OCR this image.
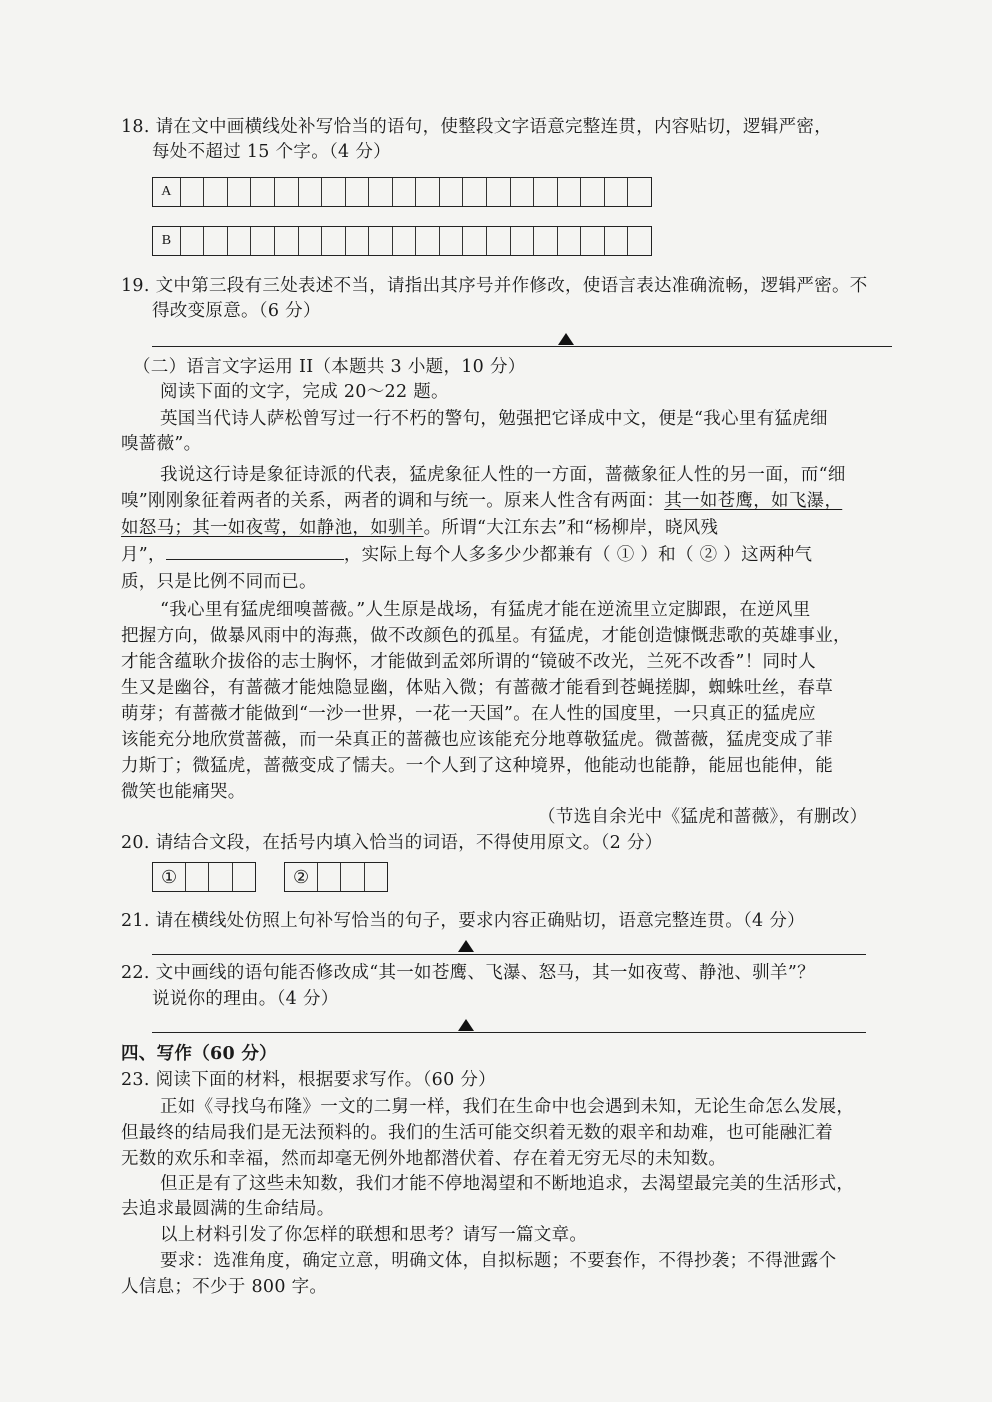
18. 请在文中画横线处补写恰当的语句，使整段文字语意完整连贯，内容贴切，逻辑严密，
每处不超过 15 个字。（4 分）
A
B
19. 文中第三段有三处表述不当，请指出其序号并作修改，使语言表达准确流畅，逻辑严密。不
得改变原意。（6 分）
（二）语言文字运用 II（本题共 3 小题，10 分）
阅读下面的文字，完成 20～22 题。
英国当代诗人萨松曾写过一行不朽的警句，勉强把它译成中文，便是“我心里有猛虎细
嗅蔷薇”。
我说这行诗是象征诗派的代表，猛虎象征人性的一方面，蔷薇象征人性的另一面，而“细
嗅”刚刚象征着两者的关系，两者的调和与统一。原来人性含有两面：其一如苍鹰，如飞瀑，
如怒马；其一如夜莺，如静池，如驯羊。所谓“大江东去”和“杨柳岸，晓风残
月”，	，实际上每个人多多少少都兼有（ ① ）和（ ② ）这两种气
质，只是比例不同而已。
“我心里有猛虎细嗅蔷薇。”人生原是战场，有猛虎才能在逆流里立定脚跟，在逆风里
把握方向，做暴风雨中的海燕，做不改颜色的孤星。有猛虎，才能创造慷慨悲歌的英雄事业，
才能含蕴耿介拔俗的志士胸怀，才能做到孟郊所谓的“镜破不改光，兰死不改香”！同时人
生又是幽谷，有蔷薇才能烛隐显幽，体贴入微；有蔷薇才能看到苍蝇搓脚，蜘蛛吐丝，春草
萌芽；有蔷薇才能做到“一沙一世界，一花一天国”。在人性的国度里，一只真正的猛虎应
该能充分地欣赏蔷薇，而一朵真正的蔷薇也应该能充分地尊敬猛虎。微蔷薇，猛虎变成了菲
力斯丁；微猛虎，蔷薇变成了懦夫。一个人到了这种境界，他能动也能静，能屈也能伸，能
微笑也能痛哭。
（节选自余光中《猛虎和蔷薇》，有删改）
20. 请结合文段，在括号内填入恰当的词语，不得使用原文。（2 分）
①	②
21. 请在横线处仿照上句补写恰当的句子，要求内容正确贴切，语意完整连贯。（4 分）
22. 文中画线的语句能否修改成“其一如苍鹰、飞瀑、怒马，其一如夜莺、静池、驯羊”？
说说你的理由。（4 分）
四、写作（60 分）
23. 阅读下面的材料，根据要求写作。（60 分）
正如《寻找乌布隆》一文的二舅一样，我们在生命中也会遇到未知，无论生命怎么发展，
但最终的结局我们是无法预料的。我们的生活可能交织着无数的艰辛和劫难，也可能融汇着
无数的欢乐和幸福，然而却毫无例外地都潜伏着、存在着无穷无尽的未知数。
但正是有了这些未知数，我们才能不停地渴望和不断地追求，去渴望最完美的生活形式，
去追求最圆满的生命结局。
以上材料引发了你怎样的联想和思考？请写一篇文章。
要求：选准角度，确定立意，明确文体，自拟标题；不要套作，不得抄袭；不得泄露个
人信息；不少于 800 字。
